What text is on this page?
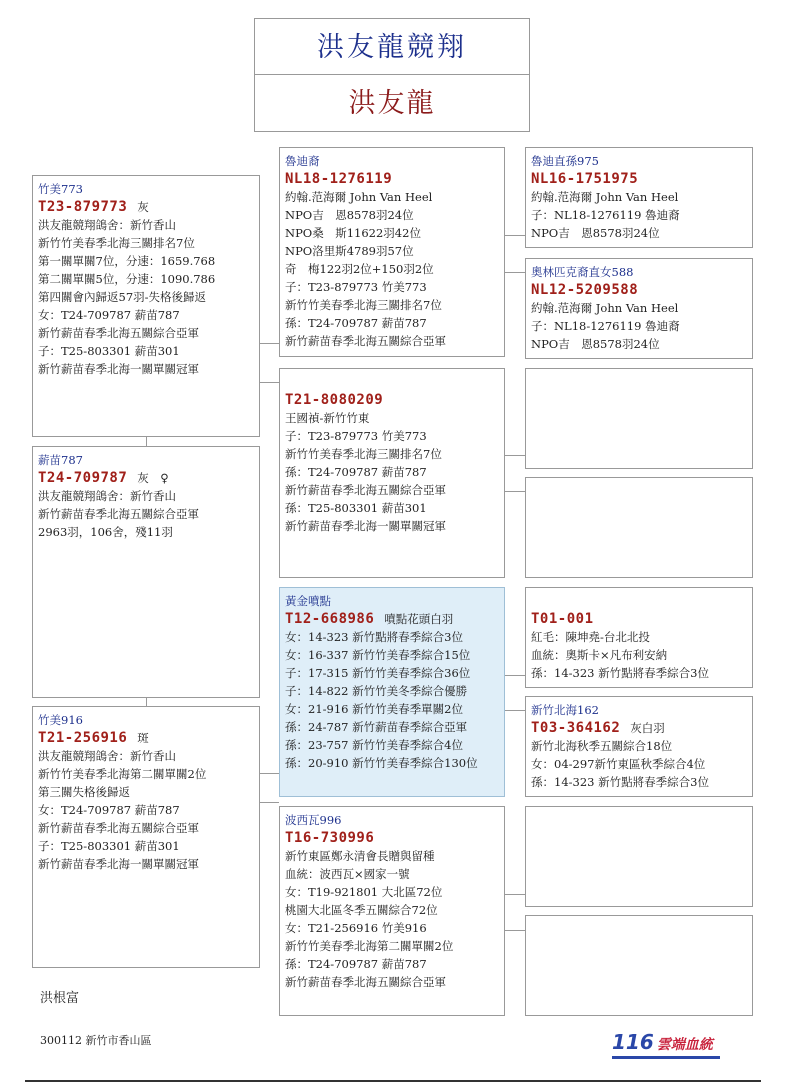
洪友龍競翔
洪友龍
竹美773
T23-879773 灰
洪友龍競翔鴿舍：新竹香山
新竹竹美春季北海三關排名7位
第一關單關7位，分速：1659.768
第二關單關5位，分速：1090.786
第四關會內歸返57羽-失格後歸返
女：T24-709787 薪苗787
新竹薪苗春季北海五關綜合亞軍
子：T25-803301 薪苗301
新竹薪苗春季北海一關單關冠軍
薪苗787
T24-709787 灰　♀
洪友龍競翔鴿舍：新竹香山
新竹薪苗春季北海五關綜合亞軍
2963羽，106舍，殘11羽
竹美916
T21-256916 斑
洪友龍競翔鴿舍：新竹香山
新竹竹美春季北海第二關單關2位
第三關失格後歸返
女：T24-709787 薪苗787
新竹薪苗春季北海五關綜合亞軍
子：T25-803301 薪苗301
新竹薪苗春季北海一關單關冠軍
魯迪裔
NL18-1276119
約翰.范海爾 John Van Heel
NPO吉　恩8578羽24位
NPO桑　斯11622羽42位
NPO洛里斯4789羽57位
奇　梅122羽2位+150羽2位
子：T23-879773 竹美773
新竹竹美春季北海三關排名7位
孫：T24-709787 薪苗787
新竹薪苗春季北海五關綜合亞軍
T21-8080209
王國禎-新竹竹東
子：T23-879773 竹美773
新竹竹美春季北海三關排名7位
孫：T24-709787 薪苗787
新竹薪苗春季北海五關綜合亞軍
孫：T25-803301 薪苗301
新竹薪苗春季北海一關單關冠軍
黃金噴點
T12-668986 噴點花頭白羽
女：14-323 新竹點將春季綜合3位
女：16-337 新竹竹美春季綜合15位
子：17-315 新竹竹美春季綜合36位
子：14-822 新竹竹美冬季綜合優勝
女：21-916 新竹竹美春季單關2位
孫：24-787 新竹薪苗春季綜合亞軍
孫：23-757 新竹竹美春季綜合4位
孫：20-910 新竹竹美春季綜合130位
波西瓦996
T16-730996
新竹東區鄭永清會長贈與留種
血統：波西瓦×國家一號
女：T19-921801 大北區72位
桃園大北區冬季五關綜合72位
女：T21-256916 竹美916
新竹竹美春季北海第二關單關2位
孫：T24-709787 薪苗787
新竹薪苗春季北海五關綜合亞軍
魯迪直孫975
NL16-1751975
約翰.范海爾 John Van Heel
子：NL18-1276119 魯迪裔
NPO吉　恩8578羽24位
奧林匹克裔直女588
NL12-5209588
約翰.范海爾 John Van Heel
子：NL18-1276119 魯迪裔
NPO吉　恩8578羽24位
T01-001
紅毛：陳坤堯-台北北投
血統：奧斯卡×凡布利安納
孫：14-323 新竹點將春季綜合3位
新竹北海162
T03-364162 灰白羽
新竹北海秋季五關綜合18位
女：04-297新竹東區秋季綜合4位
孫：14-323 新竹點將春季綜合3位
洪根富
300112 新竹市香山區	116 雲端血統
